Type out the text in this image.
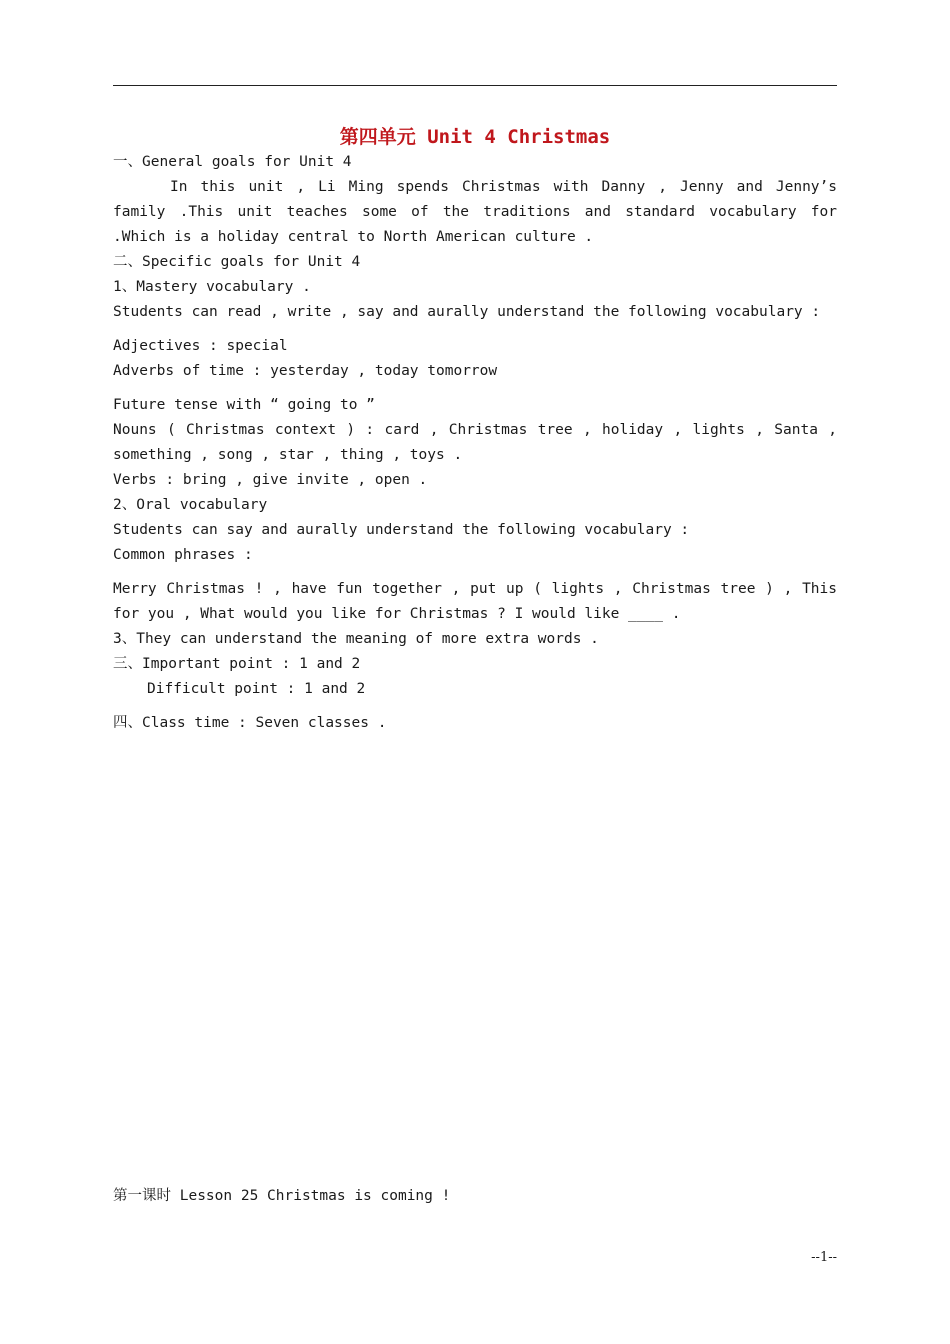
第四单元 Unit 4 Christmas
一、General goals for Unit 4
In this unit , Li Ming spends Christmas with Danny , Jenny and Jenny’s
family .This unit teaches some of the traditions and standard vocabulary for
.Which is a holiday central to North American culture .
二、Specific goals for Unit 4
1、Mastery vocabulary .
Students can read , write , say and aurally understand the following vocabulary :
Adjectives : special
Adverbs of time : yesterday , today tomorrow
Future tense with “ going to ”
Nouns ( Christmas context ) : card , Christmas tree , holiday , lights , Santa ,
something , song , star , thing , toys .
Verbs : bring , give invite , open .
2、Oral vocabulary
Students can say and aurally understand the following vocabulary :
Common phrases :
Merry Christmas ! , have fun together , put up ( lights , Christmas tree ) , This
for you , What would you like for Christmas ? I would like ____ .
3、They can understand the meaning of more extra words .
三、Important point : 1 and 2
Difficult point : 1 and 2
四、Class time : Seven classes .
第一课时 Lesson 25 Christmas is coming !
--1--
